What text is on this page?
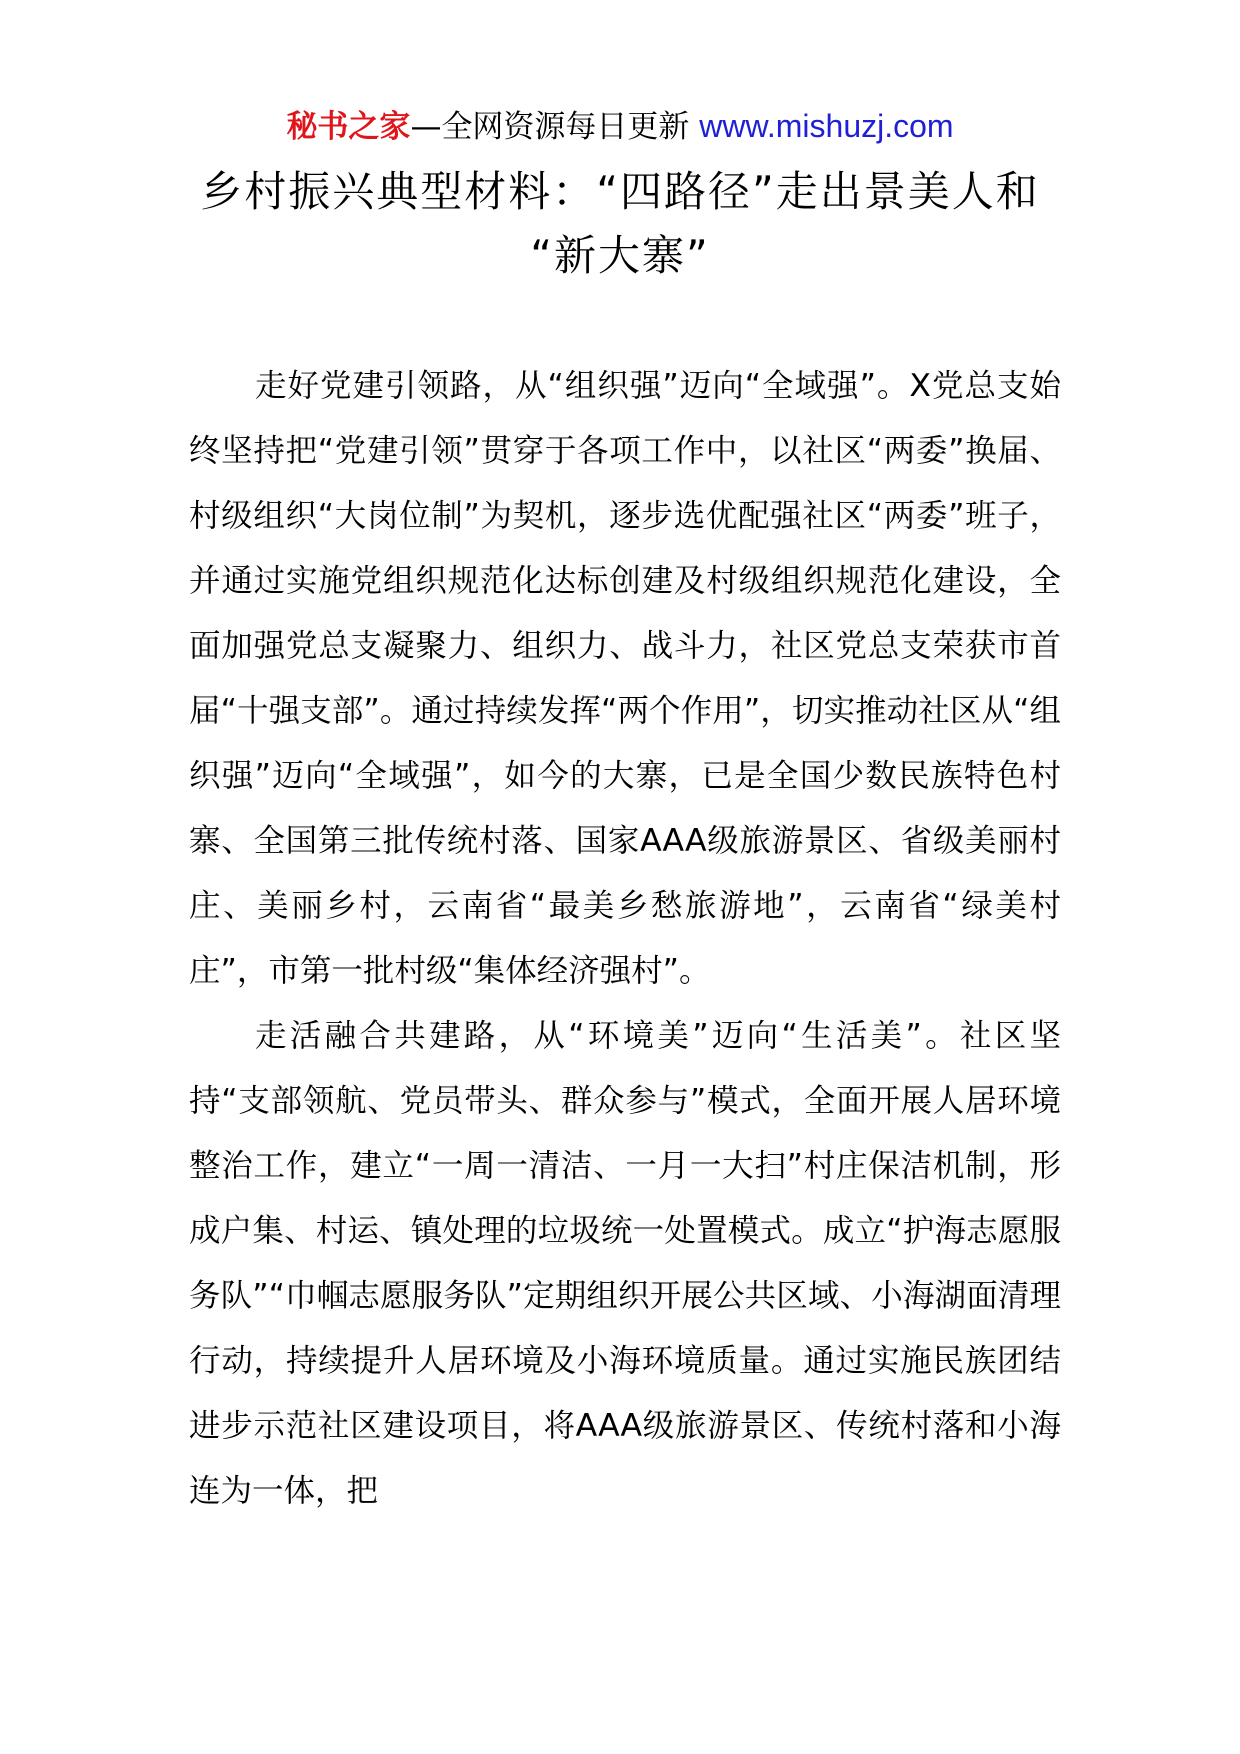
秘书之家—全网资源每日更新 www.mishuzj.com
乡村振兴典型材料：“四路径”走出景美人和
“新大寨”

走好党建引领路，从“组织强”迈向“全域强”。X党总支始终坚持把“党建引领”贯穿于各项工作中，以社区“两委”换届、村级组织“大岗位制”为契机，逐步选优配强社区“两委”班子，并通过实施党组织规范化达标创建及村级组织规范化建设，全面加强党总支凝聚力、组织力、战斗力，社区党总支荣获市首届“十强支部”。通过持续发挥“两个作用”，切实推动社区从“组织强”迈向“全域强”，如今的大寨，已是全国少数民族特色村寨、全国第三批传统村落、国家AAA级旅游景区、省级美丽村庄、美丽乡村，云南省“最美乡愁旅游地”，云南省“绿美村庄”，市第一批村级“集体经济强村”。

走活融合共建路，从“环境美”迈向“生活美”。社区坚持“支部领航、党员带头、群众参与”模式，全面开展人居环境整治工作，建立“一周一清洁、一月一大扫”村庄保洁机制，形成户集、村运、镇处理的垃圾统一处置模式。成立“护海志愿服务队”“巾帼志愿服务队”定期组织开展公共区域、小海湖面清理行动，持续提升人居环境及小海环境质量。通过实施民族团结进步示范社区建设项目，将AAA级旅游景区、传统村落和小海连为一体，把
